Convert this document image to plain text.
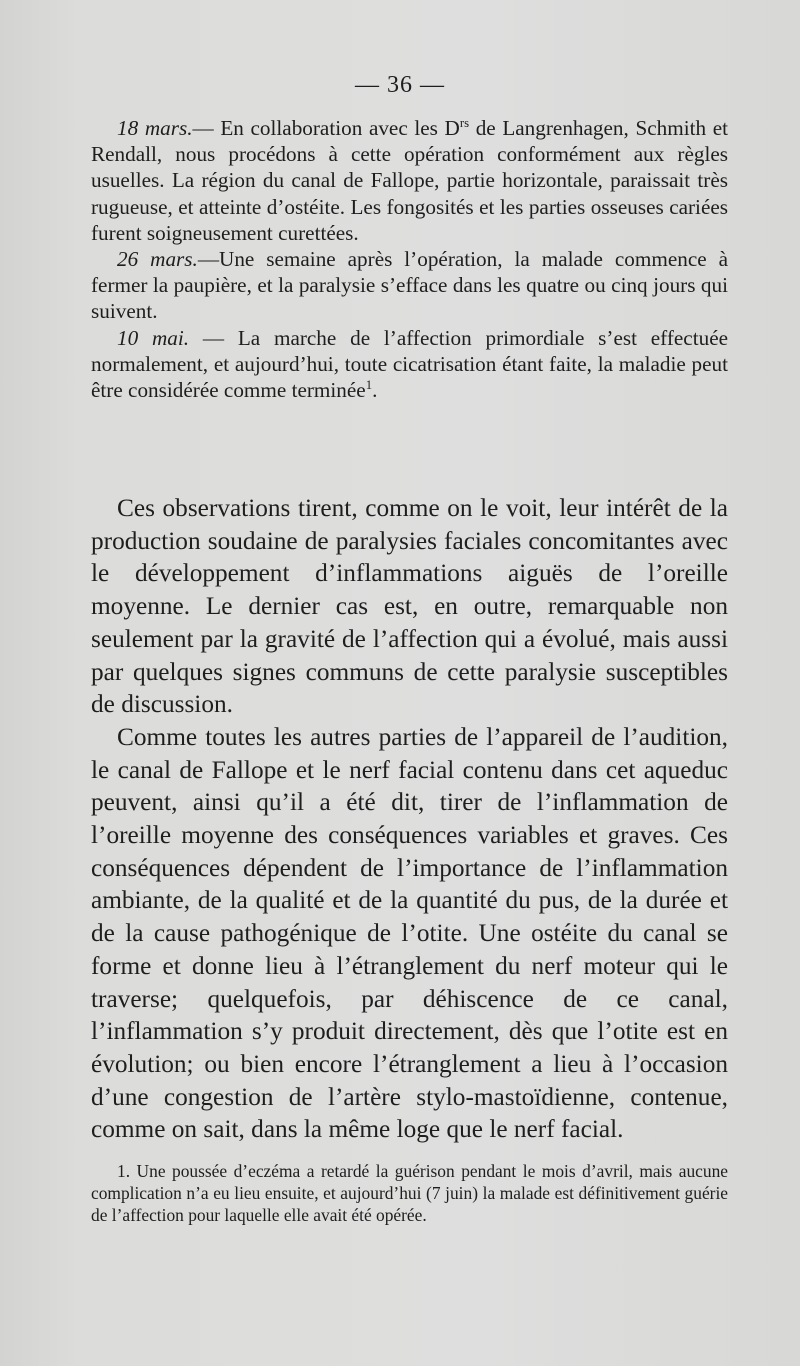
— 36 —

18 mars.— En collaboration avec les $D^{rs}$ de Langrenhagen, Schmith et Rendall, nous procédons à cette opération conformément aux règles usuelles. La région du canal de Fallope, partie horizontale, paraissait très rugueuse, et atteinte d’ostéite. Les fongosités et les parties osseuses cariées furent soigneusement curettées.

26 mars.—Une semaine après l’opération, la malade commence à fermer la paupière, et la paralysie s’efface dans les quatre ou cinq jours qui suivent.

10 mai. — La marche de l’affection primordiale s’est effectuée normalement, et aujourd’hui, toute cicatrisation étant faite, la maladie peut être considérée comme terminée$^1$.

Ces observations tirent, comme on le voit, leur intérêt de la production soudaine de paralysies faciales concomitantes avec le développement d’inflammations aiguës de l’oreille moyenne. Le dernier cas est, en outre, remarquable non seulement par la gravité de l’affection qui a évolué, mais aussi par quelques signes communs de cette paralysie susceptibles de discussion.

Comme toutes les autres parties de l’appareil de l’audition, le canal de Fallope et le nerf facial contenu dans cet aqueduc peuvent, ainsi qu’il a été dit, tirer de l’inflammation de l’oreille moyenne des conséquences variables et graves. Ces conséquences dépendent de l’importance de l’inflammation ambiante, de la qualité et de la quantité du pus, de la durée et de la cause pathogénique de l’otite. Une ostéite du canal se forme et donne lieu à l’étranglement du nerf moteur qui le traverse; quelquefois, par déhiscence de ce canal, l’inflammation s’y produit directement, dès que l’otite est en évolution; ou bien encore l’étranglement a lieu à l’occasion d’une congestion de l’artère stylo-mastoïdienne, contenue, comme on sait, dans la même loge que le nerf facial.

1. Une poussée d’eczéma a retardé la guérison pendant le mois d’avril, mais aucune complication n’a eu lieu ensuite, et aujourd’hui (7 juin) la malade est définitivement guérie de l’affection pour laquelle elle avait été opérée.
